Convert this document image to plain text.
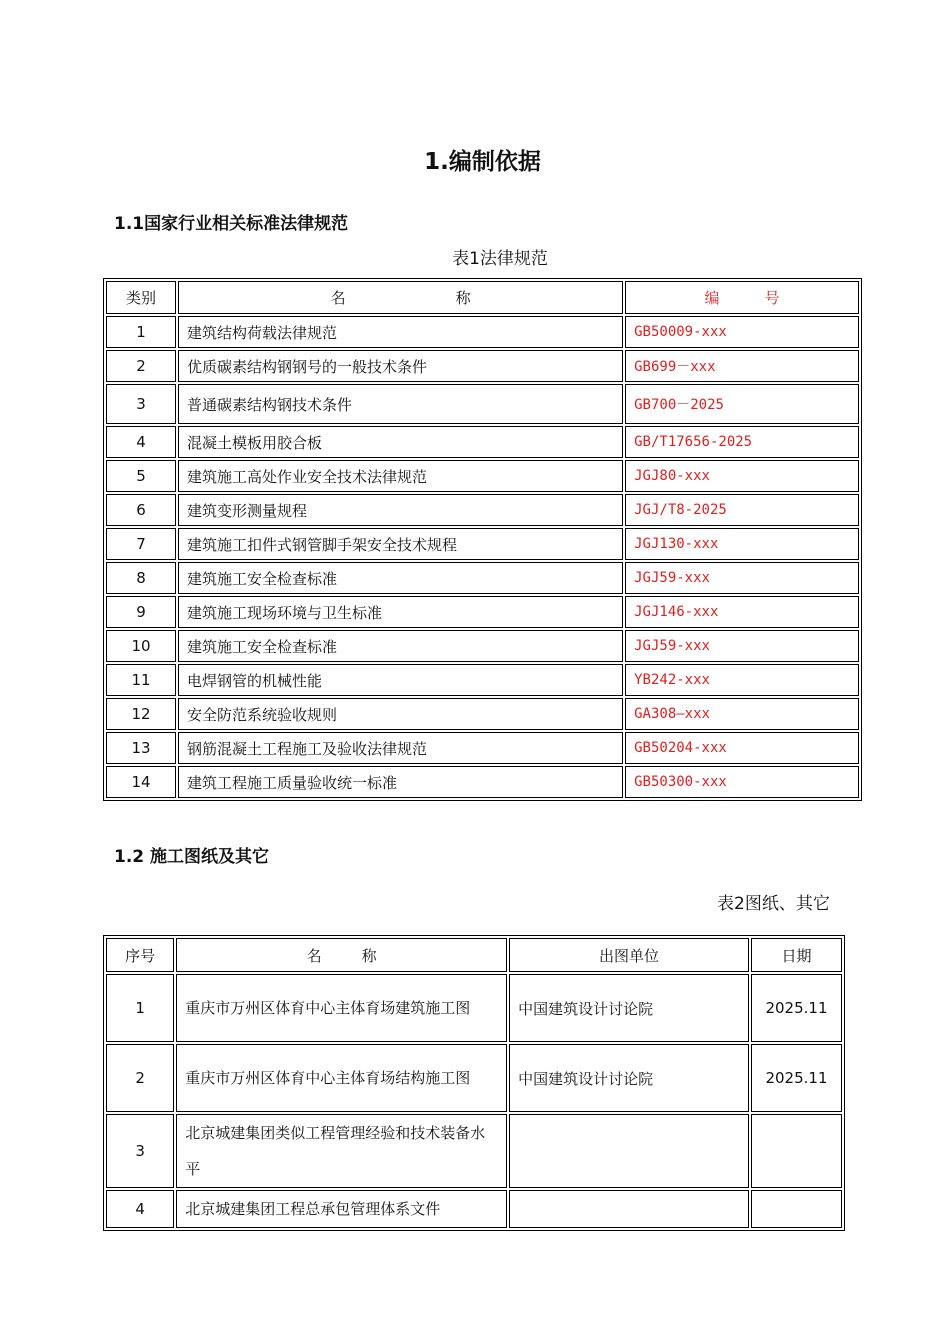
1.编制依据
1.1国家行业相关标准法律规范

表1法律规范

类别	名 称	编 号
1	建筑结构荷载法律规范	GB50009-xxx
2	优质碳素结构钢钢号的一般技术条件	GB699－xxx
3	普通碳素结构钢技术条件	GB700－2025
4	混凝土模板用胶合板	GB/T17656-2025
5	建筑施工高处作业安全技术法律规范	JGJ80-xxx
6	建筑变形测量规程	JGJ/T8-2025
7	建筑施工扣件式钢管脚手架安全技术规程	JGJ130-xxx
8	建筑施工安全检查标准	JGJ59-xxx
9	建筑施工现场环境与卫生标准	JGJ146-xxx
10	建筑施工安全检查标准	JGJ59-xxx
11	电焊钢管的机械性能	YB242-xxx
12	安全防范系统验收规则	GA308—xxx
13	钢筋混凝土工程施工及验收法律规范	GB50204-xxx
14	建筑工程施工质量验收统一标准	GB50300-xxx
1.2 施工图纸及其它

表2图纸、其它

序号	名 称	出图单位	日期
1	重庆市万州区体育中心主体育场建筑施工图	中国建筑设计讨论院	2025.11
2	重庆市万州区体育中心主体育场结构施工图	中国建筑设计讨论院	2025.11
3	北京城建集团类似工程管理经验和技术装备水平		
4	北京城建集团工程总承包管理体系文件		
